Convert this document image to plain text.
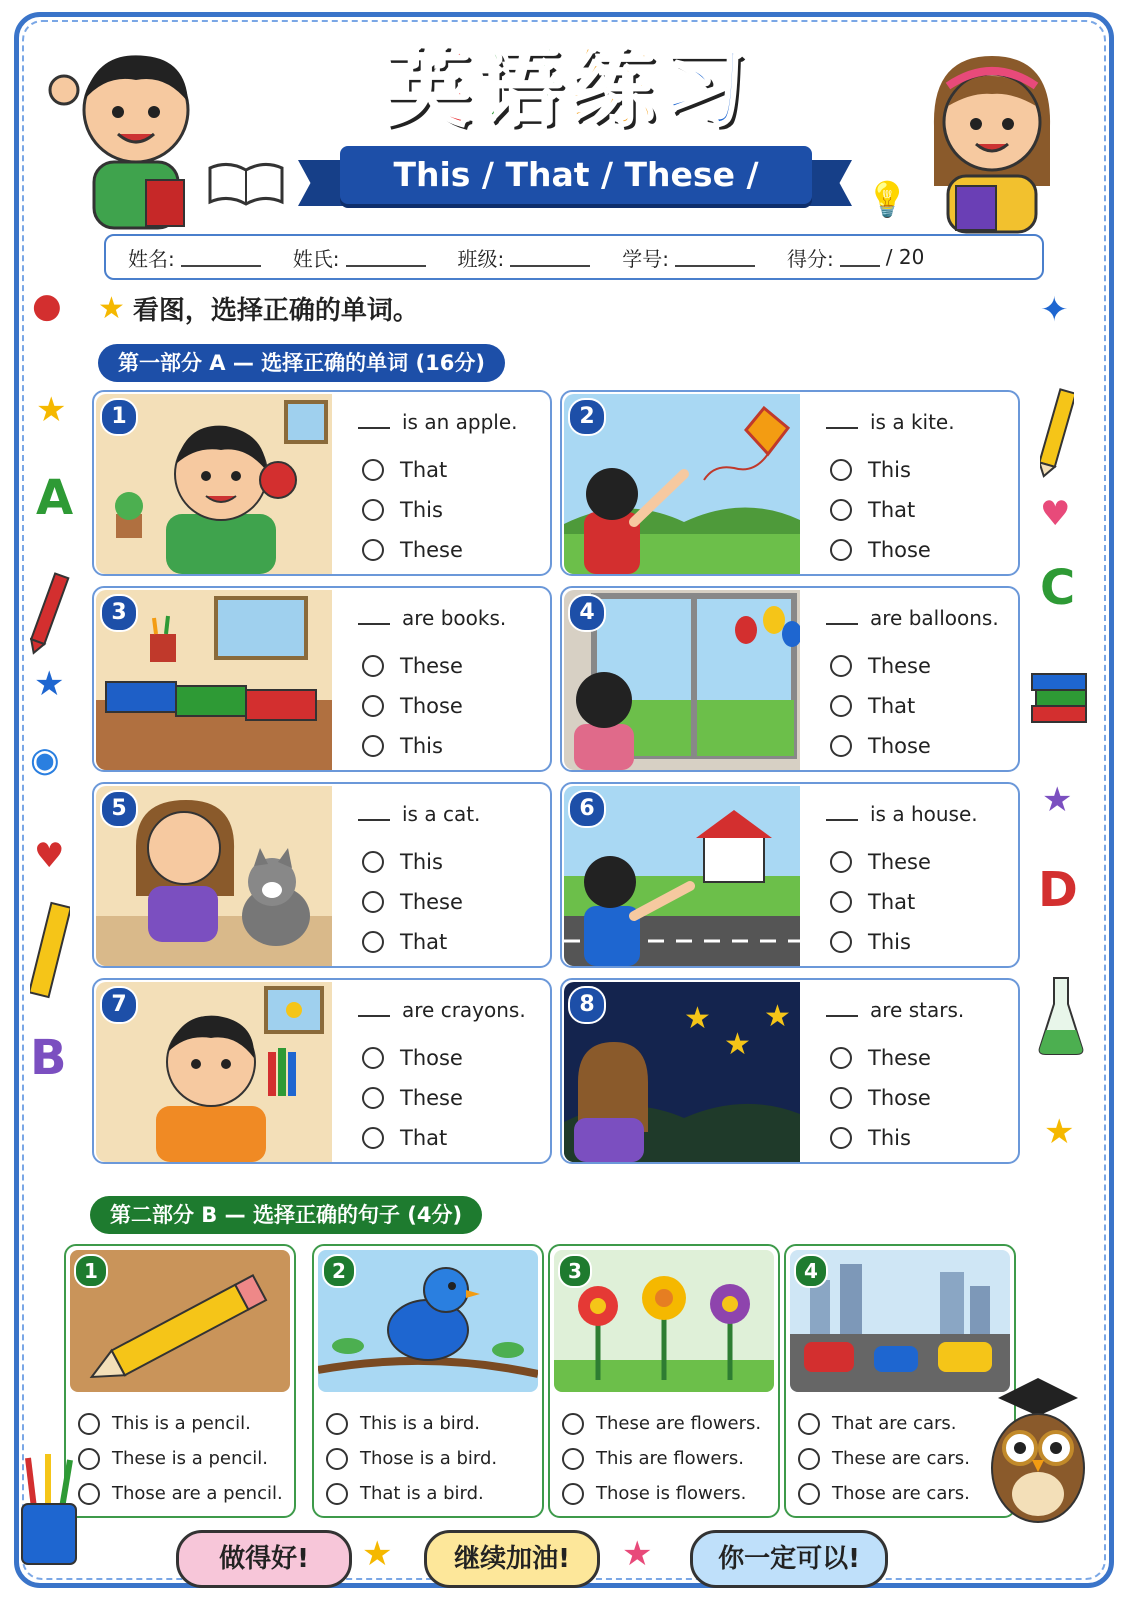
英语练习
This / That / These / Those
💡
姓名:	姓氏:	班级:	学号:	得分:	/ 20
★ 看图，选择正确的单词。
第一部分 A — 选择正确的单词 (16分)
1	is an apple.
That
This
These
2	is a kite.
This
That
Those
3	are books.
These
Those
This
4	are balloons.
These
That
Those
5	is a cat.
This
These
That
6	is a house.
These
That
This
7	are crayons.
Those
These
That
★
★
★
8	are stars.
These
Those
This
第二部分 B — 选择正确的句子 (4分)
1
This is a pencil.
These is a pencil.
Those are a pencil.
2
This is a bird.
Those is a bird.
That is a bird.
3
These are flowers.
This are flowers.
Those is flowers.
4
That are cars.
These are cars.
Those are cars.
做得好!	★	继续加油!	★	你一定可以!
●
★
A
★
◉
♥
B
✦
♥
C
★
D
★
